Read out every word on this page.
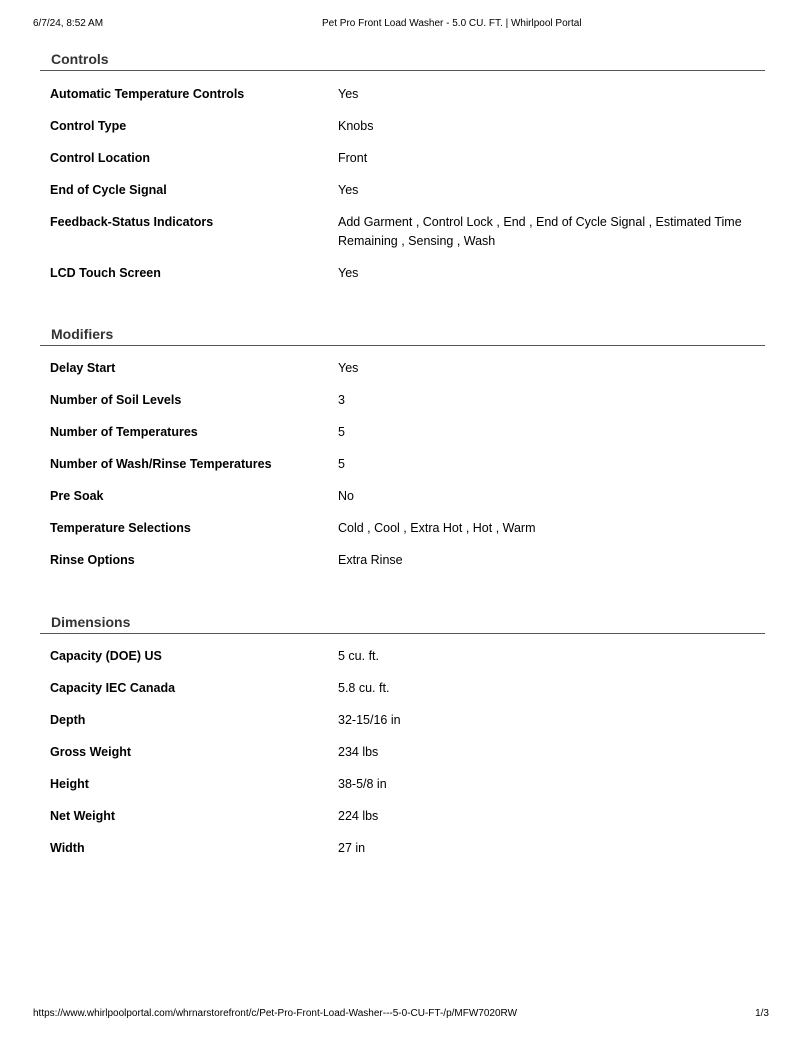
6/7/24, 8:52 AM	Pet Pro Front Load Washer - 5.0 CU. FT. | Whirlpool Portal
Controls
Automatic Temperature Controls	Yes
Control Type	Knobs
Control Location	Front
End of Cycle Signal	Yes
Feedback-Status Indicators	Add Garment , Control Lock , End , End of Cycle Signal , Estimated Time Remaining , Sensing , Wash
LCD Touch Screen	Yes
Modifiers
Delay Start	Yes
Number of Soil Levels	3
Number of Temperatures	5
Number of Wash/Rinse Temperatures	5
Pre Soak	No
Temperature Selections	Cold , Cool , Extra Hot , Hot , Warm
Rinse Options	Extra Rinse
Dimensions
Capacity (DOE) US	5 cu. ft.
Capacity IEC Canada	5.8 cu. ft.
Depth	32-15/16 in
Gross Weight	234 lbs
Height	38-5/8 in
Net Weight	224 lbs
Width	27 in
https://www.whirlpoolportal.com/whrnarstorefront/c/Pet-Pro-Front-Load-Washer---5-0-CU-FT-/p/MFW7020RW	1/3
